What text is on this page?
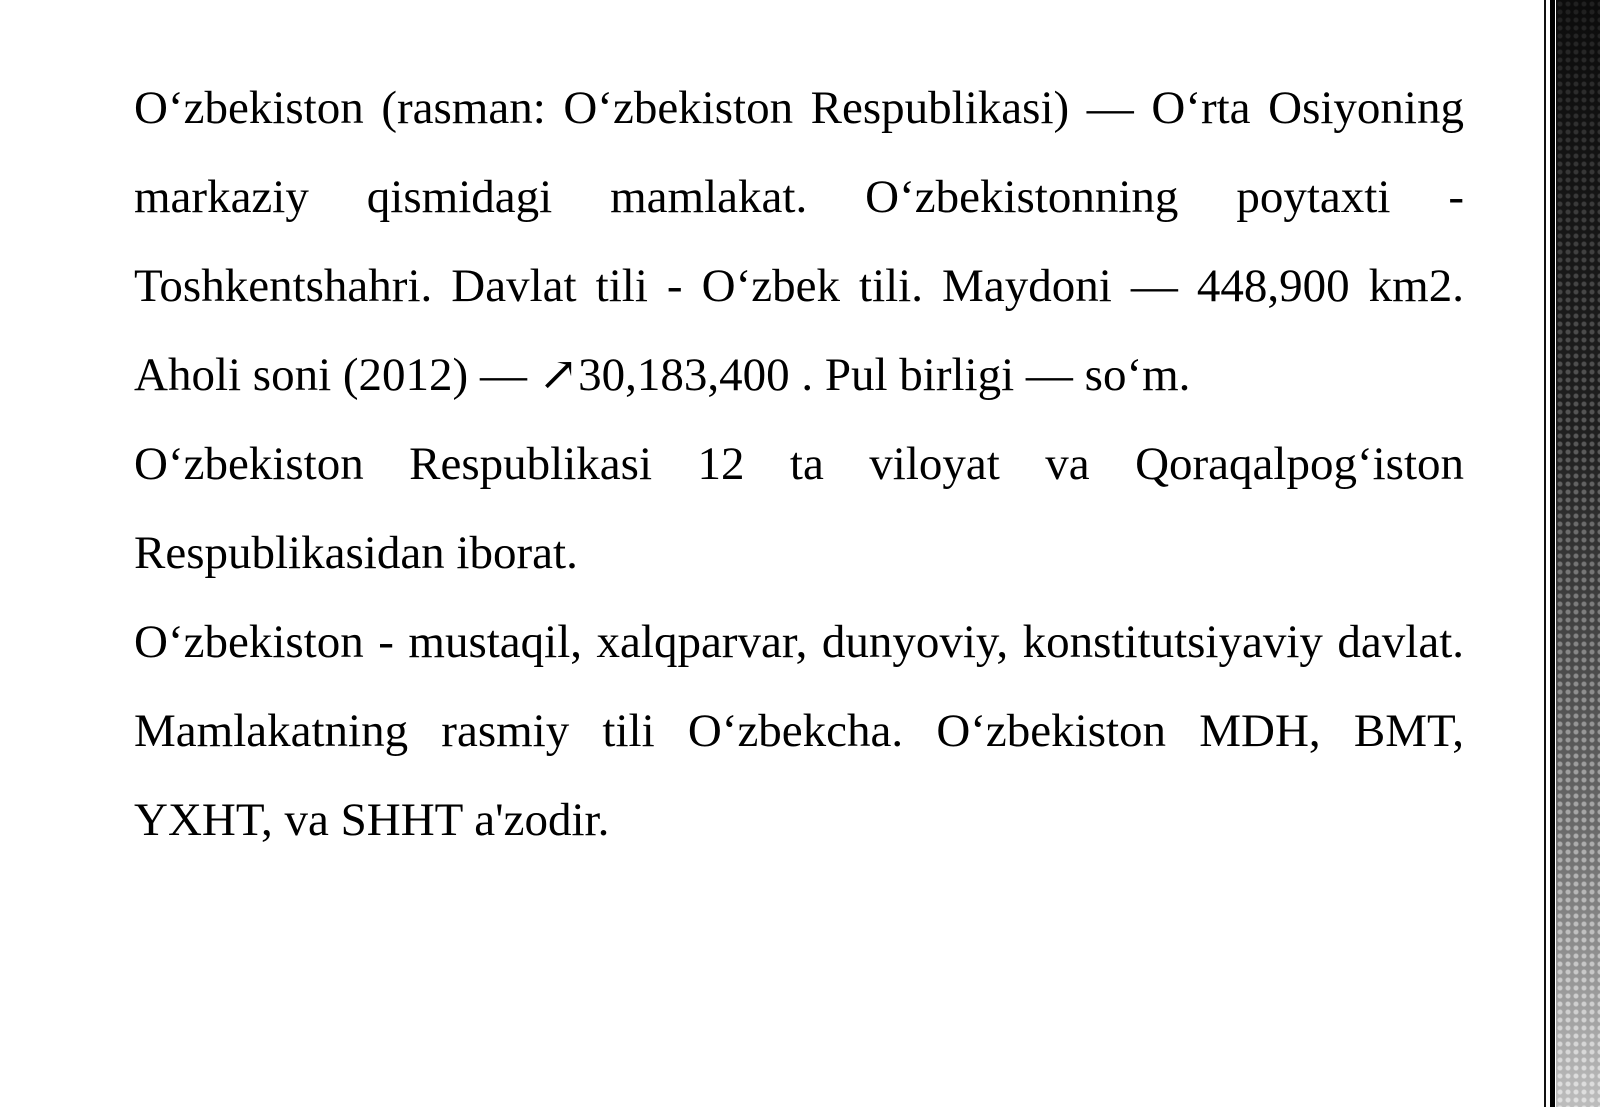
O‘zbekiston (rasman: O‘zbekiston Respublikasi) — O‘rta Osiyoning markaziy qismidagi mamlakat. O‘zbekistonning poytaxti - Toshkentshahri. Davlat tili - O‘zbek tili. Maydoni — 448,900 km2. Aholi soni (2012) — ↗30,183,400 . Pul birligi — so‘m.

O‘zbekiston Respublikasi 12 ta viloyat va Qoraqalpog‘iston Respublikasidan iborat.

O‘zbekiston - mustaqil, xalqparvar, dunyoviy, konstitutsiyaviy davlat. Mamlakatning rasmiy tili O‘zbekcha. O‘zbekiston MDH, BMT, YXHT, va SHHT a'zodir.
